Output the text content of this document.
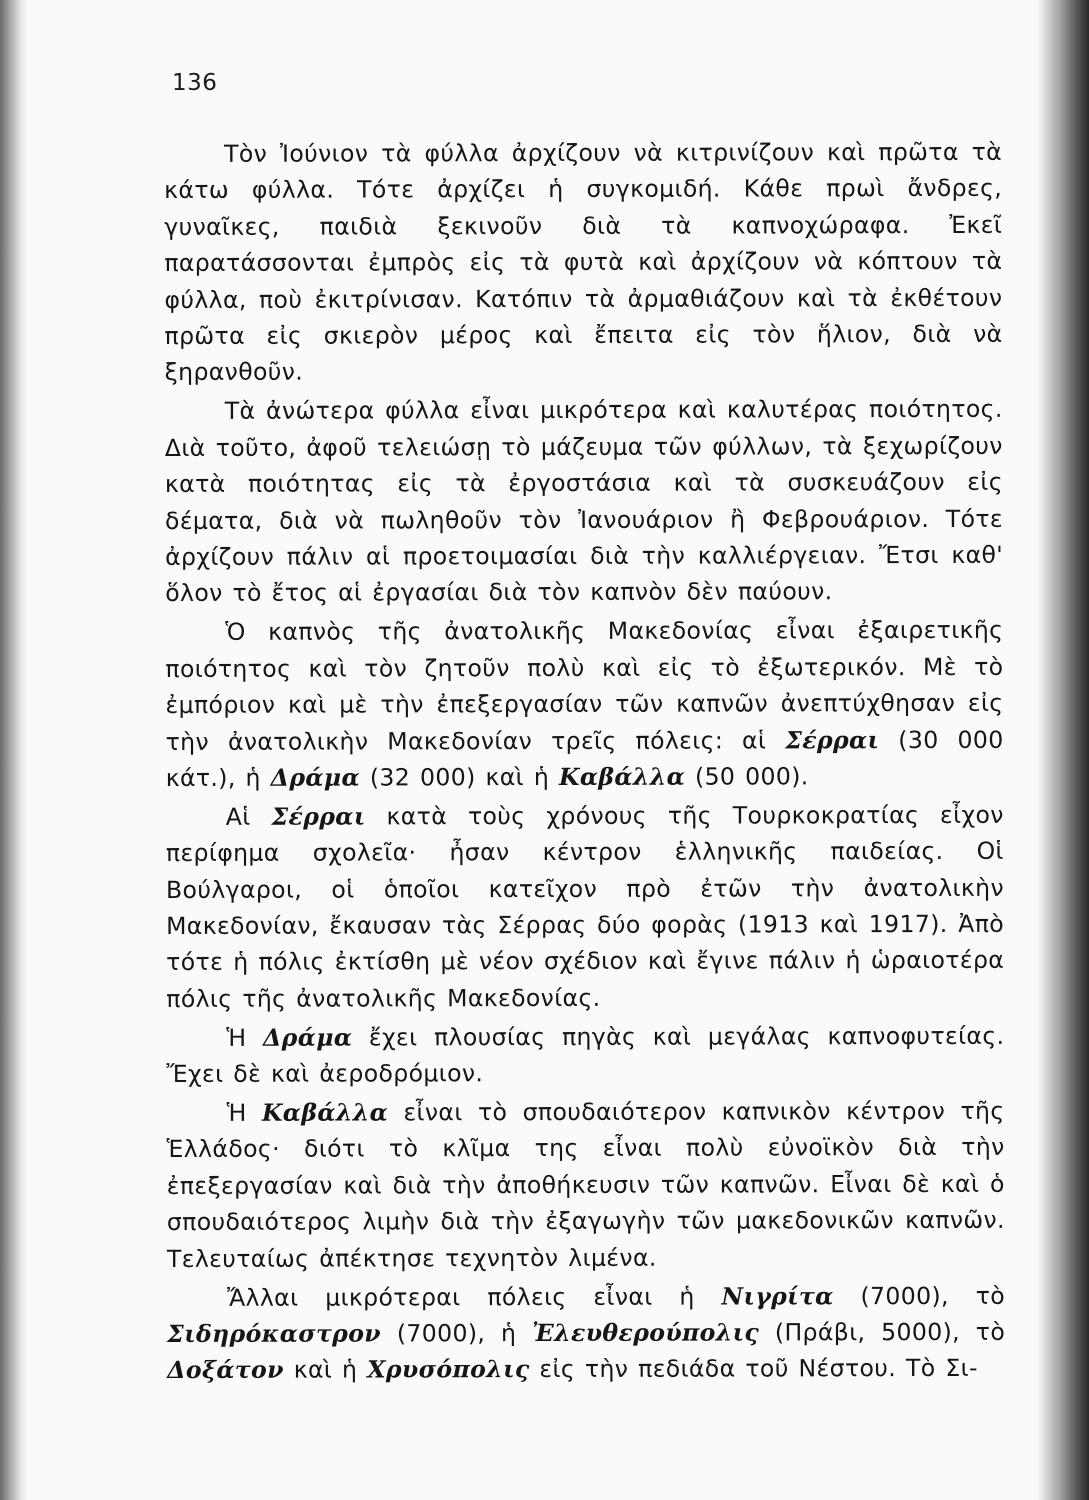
136

Τὸν Ἰούνιον τὰ φύλλα ἀρχίζουν νὰ κιτρινίζουν καὶ πρῶτα τὰ κάτω φύλλα. Τότε ἀρχίζει ἡ συγκομιδή. Κάθε πρωὶ ἄνδρες, γυναῖκες, παιδιὰ ξεκινοῦν διὰ τὰ καπνοχώραφα. Ἐκεῖ παρατάσσονται ἐμπρὸς εἰς τὰ φυτὰ καὶ ἀρχίζουν νὰ κόπτουν τὰ φύλλα, ποὺ ἐκιτρίνισαν. Κατόπιν τὰ ἀρμαθιάζουν καὶ τὰ ἐκθέτουν πρῶτα εἰς σκιερὸν μέρος καὶ ἔπειτα εἰς τὸν ἥλιον, διὰ νὰ ξηρανθοῦν.

Τὰ ἀνώτερα φύλλα εἶναι μικρότερα καὶ καλυτέρας ποιότητος. Διὰ τοῦτο, ἀφοῦ τελειώσῃ τὸ μάζευμα τῶν φύλλων, τὰ ξεχωρίζουν κατὰ ποιότητας εἰς τὰ ἐργοστάσια καὶ τὰ συσκευάζουν εἰς δέματα, διὰ νὰ πωληθοῦν τὸν Ἰανουάριον ἢ Φεβρουάριον. Τότε ἀρχίζουν πάλιν αἱ προετοιμασίαι διὰ τὴν καλλιέργειαν. Ἔτσι καθ' ὅλον τὸ ἔτος αἱ ἐργασίαι διὰ τὸν καπνὸν δὲν παύουν.

Ὁ καπνὸς τῆς ἀνατολικῆς Μακεδονίας εἶναι ἐξαιρετικῆς ποιότητος καὶ τὸν ζητοῦν πολὺ καὶ εἰς τὸ ἐξωτερικόν. Μὲ τὸ ἐμπόριον καὶ μὲ τὴν ἐπεξεργασίαν τῶν καπνῶν ἀνεπτύχθησαν εἰς τὴν ἀνατολικὴν Μακεδονίαν τρεῖς πόλεις: αἱ Σέρραι (30 000 κάτ.), ἡ Δράμα (32 000) καὶ ἡ Καβάλλα (50 000).

Αἱ Σέρραι κατὰ τοὺς χρόνους τῆς Τουρκοκρατίας εἶχον περίφημα σχολεῖα· ἦσαν κέντρον ἑλληνικῆς παιδείας. Οἱ Βούλγαροι, οἱ ὁποῖοι κατεῖχον πρὸ ἐτῶν τὴν ἀνατολικὴν Μακεδονίαν, ἔκαυσαν τὰς Σέρρας δύο φορὰς (1913 καὶ 1917). Ἀπὸ τότε ἡ πόλις ἐκτίσθη μὲ νέον σχέδιον καὶ ἔγινε πάλιν ἡ ὡραιοτέρα πόλις τῆς ἀνατολικῆς Μακεδονίας.

Ἡ Δράμα ἔχει πλουσίας πηγὰς καὶ μεγάλας καπνοφυτείας. Ἔχει δὲ καὶ ἀεροδρόμιον.

Ἡ Καβάλλα εἶναι τὸ σπουδαιότερον καπνικὸν κέντρον τῆς Ἑλλάδος· διότι τὸ κλῖμα της εἶναι πολὺ εὐνοϊκὸν διὰ τὴν ἐπεξεργασίαν καὶ διὰ τὴν ἀποθήκευσιν τῶν καπνῶν. Εἶναι δὲ καὶ ὁ σπουδαιότερος λιμὴν διὰ τὴν ἐξαγωγὴν τῶν μακεδονικῶν καπνῶν. Τελευταίως ἀπέκτησε τεχνητὸν λιμένα.

Ἄλλαι μικρότεραι πόλεις εἶναι ἡ Νιγρίτα (7000), τὸ Σιδηρόκαστρον (7000), ἡ Ἐλευθερούπολις (Πράβι, 5000), τὸ Δοξάτον καὶ ἡ Χρυσόπολις εἰς τὴν πεδιάδα τοῦ Νέστου. Τὸ Σι-
